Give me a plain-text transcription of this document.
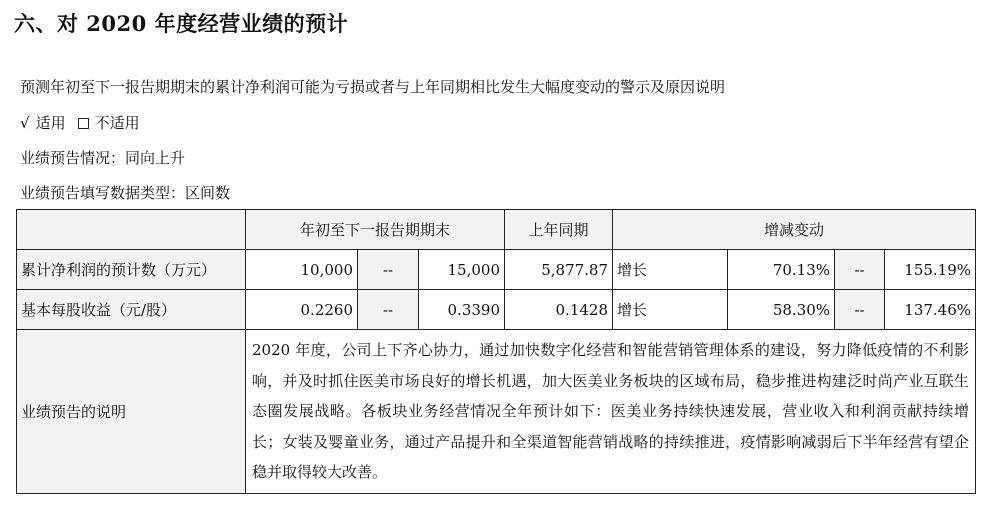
六、对 2020 年度经营业绩的预计
预测年初至下一报告期期末的累计净利润可能为亏损或者与上年同期相比发生大幅度变动的警示及原因说明
√ 适用 不适用
业绩预告情况：同向上升
业绩预告填写数据类型：区间数
	年初至下一报告期期末			上年同期	增减变动			
累计净利润的预计数（万元）	10,000	--	15,000	5,877.87	增长	70.13%	--	155.19%
基本每股收益（元/股）	0.2260	--	0.3390	0.1428	增长	58.30%	--	137.46%
业绩预告的说明	2020 年度，公司上下齐心协力，通过加快数字化经营和智能营销管理体系的建设，努力降低疫情的不利影响，并及时抓住医美市场良好的增长机遇，加大医美业务板块的区域布局，稳步推进构建泛时尚产业互联生态圈发展战略。各板块业务经营情况全年预计如下：医美业务持续快速发展，营业收入和利润贡献持续增长；女装及婴童业务，通过产品提升和全渠道智能营销战略的持续推进，疫情影响减弱后下半年经营有望企稳并取得较大改善。							
